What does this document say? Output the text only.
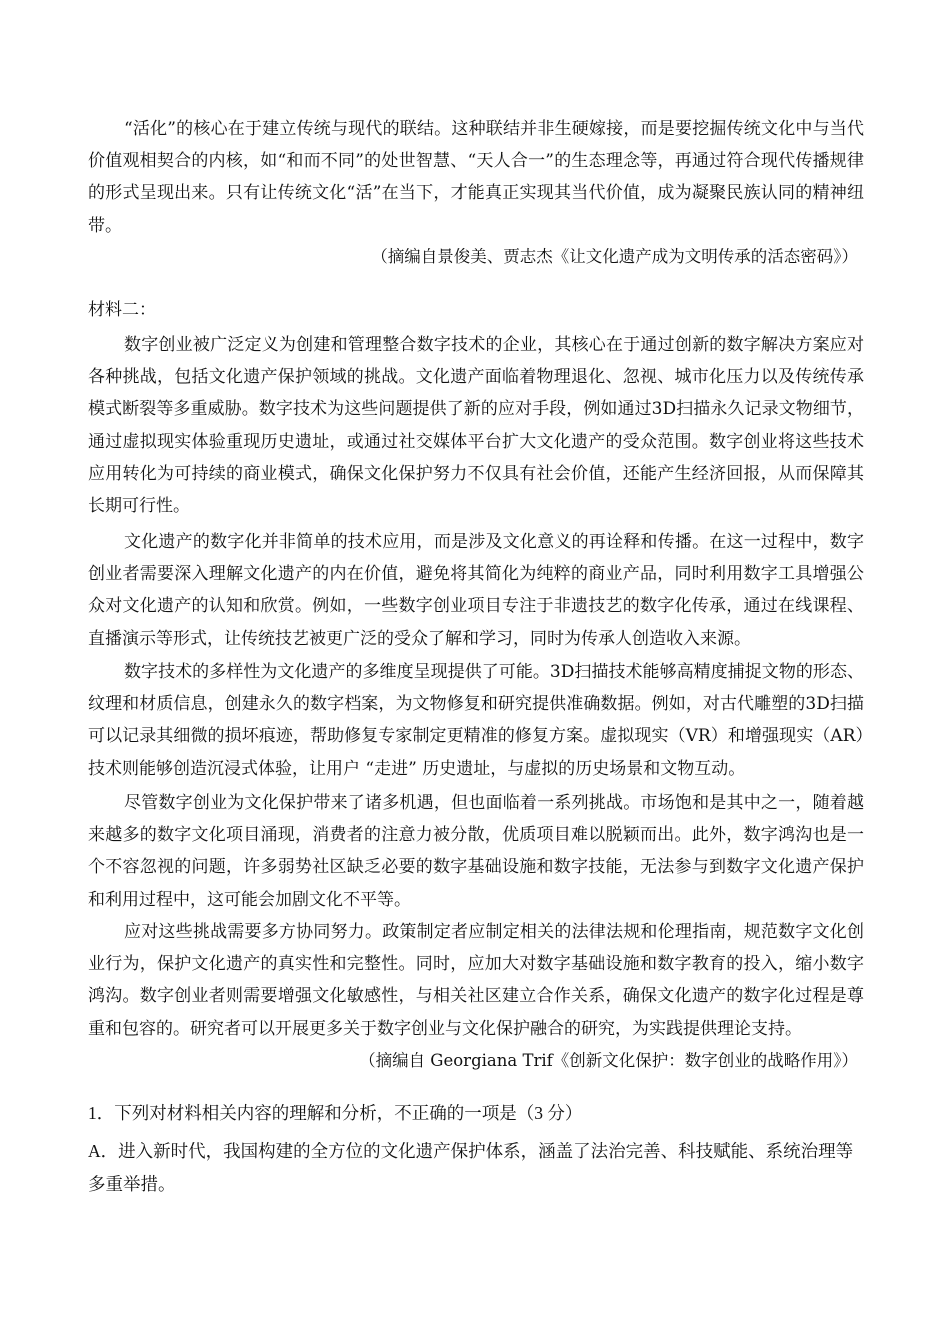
“活化”的核心在于建立传统与现代的联结。这种联结并非生硬嫁接，而是要挖掘传统文化中与当代价值观相契合的内核，如“和而不同”的处世智慧、“天人合一”的生态理念等，再通过符合现代传播规律的形式呈现出来。只有让传统文化“活”在当下，才能真正实现其当代价值，成为凝聚民族认同的精神纽带。
（摘编自景俊美、贾志杰《让文化遗产成为文明传承的活态密码》）
材料二：
数字创业被广泛定义为创建和管理整合数字技术的企业，其核心在于通过创新的数字解决方案应对各种挑战，包括文化遗产保护领域的挑战。文化遗产面临着物理退化、忽视、城市化压力以及传统传承模式断裂等多重威胁。数字技术为这些问题提供了新的应对手段，例如通过3D扫描永久记录文物细节，通过虚拟现实体验重现历史遗址，或通过社交媒体平台扩大文化遗产的受众范围。数字创业将这些技术应用转化为可持续的商业模式，确保文化保护努力不仅具有社会价值，还能产生经济回报，从而保障其长期可行性。
文化遗产的数字化并非简单的技术应用，而是涉及文化意义的再诠释和传播。在这一过程中，数字创业者需要深入理解文化遗产的内在价值，避免将其简化为纯粹的商业产品，同时利用数字工具增强公众对文化遗产的认知和欣赏。例如，一些数字创业项目专注于非遗技艺的数字化传承，通过在线课程、直播演示等形式，让传统技艺被更广泛的受众了解和学习，同时为传承人创造收入来源。
数字技术的多样性为文化遗产的多维度呈现提供了可能。3D扫描技术能够高精度捕捉文物的形态、纹理和材质信息，创建永久的数字档案，为文物修复和研究提供准确数据。例如，对古代雕塑的3D扫描可以记录其细微的损坏痕迹，帮助修复专家制定更精准的修复方案。虚拟现实（VR）和增强现实（AR）技术则能够创造沉浸式体验，让用户 “走进” 历史遗址，与虚拟的历史场景和文物互动。
尽管数字创业为文化保护带来了诸多机遇，但也面临着一系列挑战。市场饱和是其中之一，随着越来越多的数字文化项目涌现，消费者的注意力被分散，优质项目难以脱颖而出。此外，数字鸿沟也是一个不容忽视的问题，许多弱势社区缺乏必要的数字基础设施和数字技能，无法参与到数字文化遗产保护和利用过程中，这可能会加剧文化不平等。
应对这些挑战需要多方协同努力。政策制定者应制定相关的法律法规和伦理指南，规范数字文化创业行为，保护文化遗产的真实性和完整性。同时，应加大对数字基础设施和数字教育的投入，缩小数字鸿沟。数字创业者则需要增强文化敏感性，与相关社区建立合作关系，确保文化遗产的数字化过程是尊重和包容的。研究者可以开展更多关于数字创业与文化保护融合的研究，为实践提供理论支持。
（摘编自 Georgiana Trif《创新文化保护：数字创业的战略作用》）
1．下列对材料相关内容的理解和分析，不正确的一项是（3 分）
A．进入新时代，我国构建的全方位的文化遗产保护体系，涵盖了法治完善、科技赋能、系统治理等多重举措。
